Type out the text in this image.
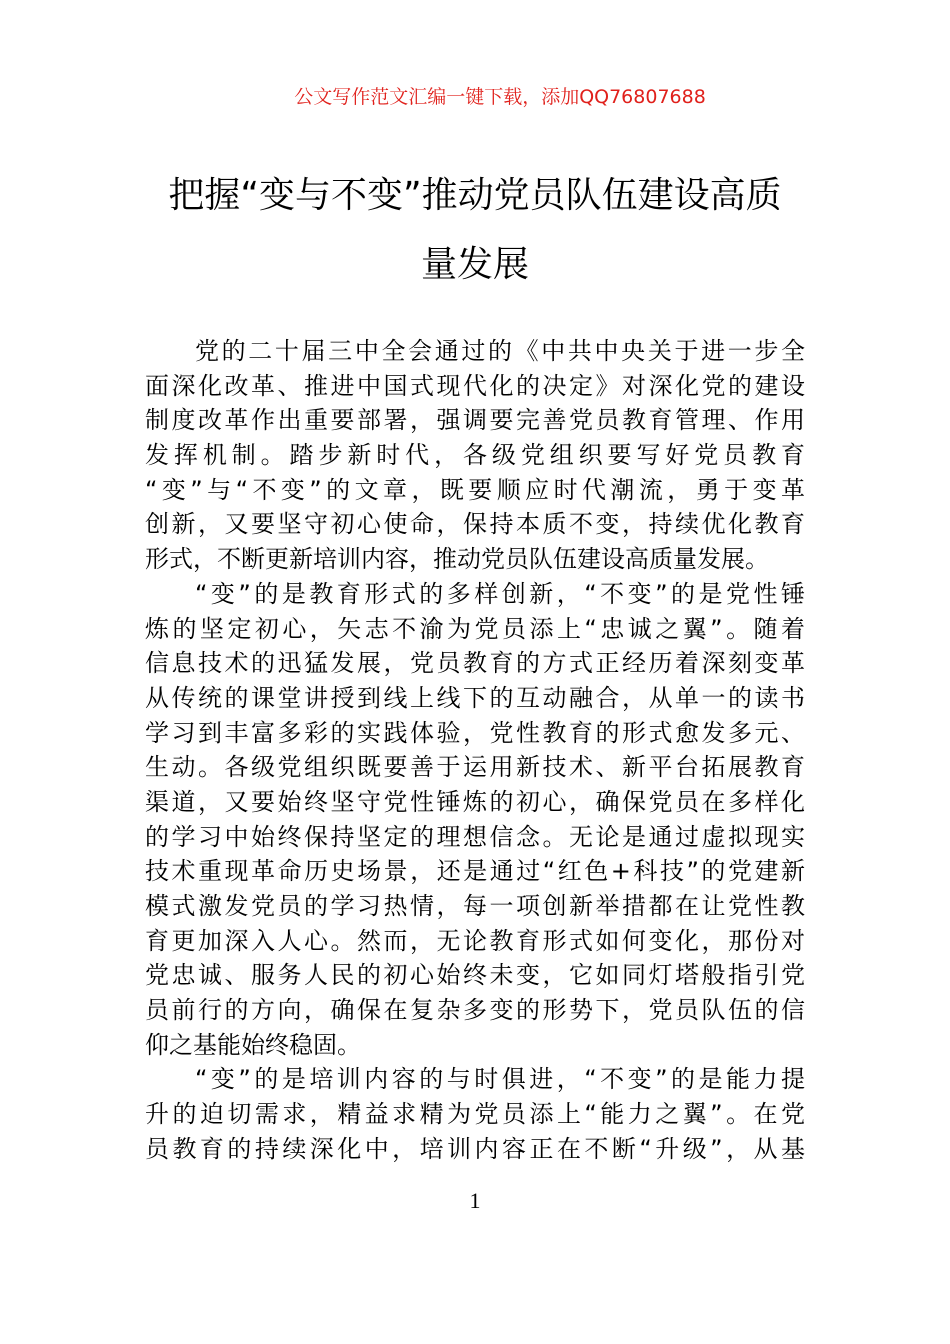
公文写作范文汇编一键下载，添加QQ76807688
把握“变与不变”推动党员队伍建设高质
量发展
党的二十届三中全会通过的《中共中央关于进一步全
面深化改革、推进中国式现代化的决定》对深化党的建设
制度改革作出重要部署，强调要完善党员教育管理、作用
发挥机制。踏步新时代，各级党组织要写好党员教育
“变”与“不变”的文章，既要顺应时代潮流，勇于变革
创新，又要坚守初心使命，保持本质不变，持续优化教育
形式，不断更新培训内容，推动党员队伍建设高质量发展。
“变”的是教育形式的多样创新，“不变”的是党性锤
炼的坚定初心，矢志不渝为党员添上“忠诚之翼”。随着
信息技术的迅猛发展，党员教育的方式正经历着深刻变革
从传统的课堂讲授到线上线下的互动融合，从单一的读书
学习到丰富多彩的实践体验，党性教育的形式愈发多元、
生动。各级党组织既要善于运用新技术、新平台拓展教育
渠道，又要始终坚守党性锤炼的初心，确保党员在多样化
的学习中始终保持坚定的理想信念。无论是通过虚拟现实
技术重现革命历史场景，还是通过“红色+科技”的党建新
模式激发党员的学习热情，每一项创新举措都在让党性教
育更加深入人心。然而，无论教育形式如何变化，那份对
党忠诚、服务人民的初心始终未变，它如同灯塔般指引党
员前行的方向，确保在复杂多变的形势下，党员队伍的信
仰之基能始终稳固。
“变”的是培训内容的与时俱进，“不变”的是能力提
升的迫切需求，精益求精为党员添上“能力之翼”。在党
员教育的持续深化中，培训内容正在不断“升级”，从基
1
